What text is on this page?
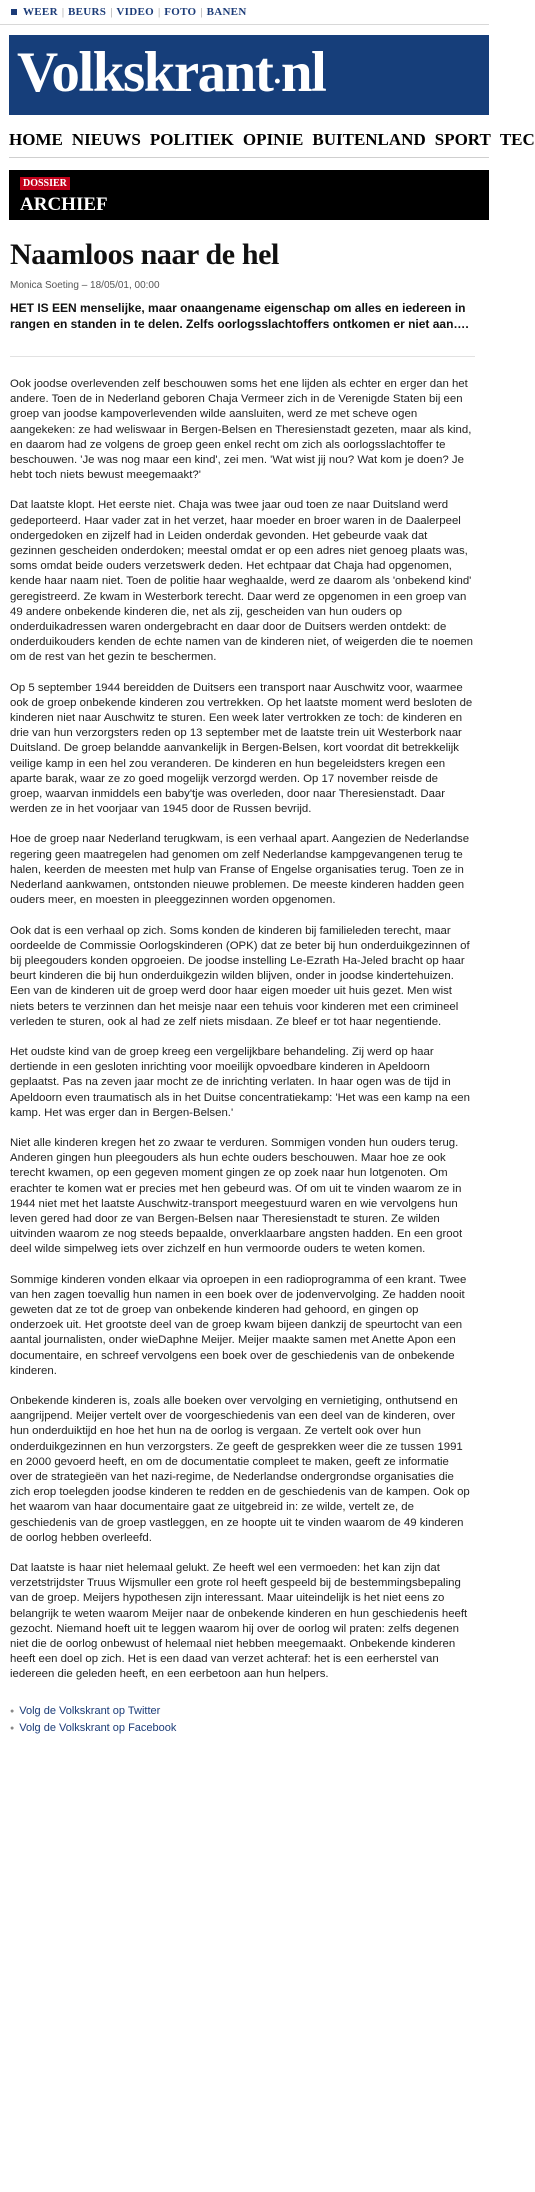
WEER | BEURS | VIDEO | FOTO | BANEN
Volkskrant·nl
HOME NIEUWS POLITIEK OPINIE BUITENLAND SPORT TEC
DOSSIER
ARCHIEF
Naamloos naar de hel
Monica Soeting – 18/05/01, 00:00
HET IS EEN menselijke, maar onaangename eigenschap om alles en iedereen in rangen en standen in te delen. Zelfs oorlogsslachtoffers ontkomen er niet aan….

Ook joodse overlevenden zelf beschouwen soms het ene lijden als echter en erger dan het andere. Toen de in Nederland geboren Chaja Vermeer zich in de Verenigde Staten bij een groep van joodse kampoverlevenden wilde aansluiten, werd ze met scheve ogen aangekeken: ze had weliswaar in Bergen-Belsen en Theresienstadt gezeten, maar als kind, en daarom had ze volgens de groep geen enkel recht om zich als oorlogsslachtoffer te beschouwen. 'Je was nog maar een kind', zei men. 'Wat wist jij nou? Wat kom je doen? Je hebt toch niets bewust meegemaakt?'

Dat laatste klopt. Het eerste niet. Chaja was twee jaar oud toen ze naar Duitsland werd gedeporteerd. Haar vader zat in het verzet, haar moeder en broer waren in de Daalerpeel ondergedoken en zijzelf had in Leiden onderdak gevonden. Het gebeurde vaak dat gezinnen gescheiden onderdoken; meestal omdat er op een adres niet genoeg plaats was, soms omdat beide ouders verzetswerk deden. Het echtpaar dat Chaja had opgenomen, kende haar naam niet. Toen de politie haar weghaalde, werd ze daarom als 'onbekend kind' geregistreerd. Ze kwam in Westerbork terecht. Daar werd ze opgenomen in een groep van 49 andere onbekende kinderen die, net als zij, gescheiden van hun ouders op onderduikadressen waren ondergebracht en daar door de Duitsers werden ontdekt: de onderduikouders kenden de echte namen van de kinderen niet, of weigerden die te noemen om de rest van het gezin te beschermen.

Op 5 september 1944 bereidden de Duitsers een transport naar Auschwitz voor, waarmee ook de groep onbekende kinderen zou vertrekken. Op het laatste moment werd besloten de kinderen niet naar Auschwitz te sturen. Een week later vertrokken ze toch: de kinderen en drie van hun verzorgsters reden op 13 september met de laatste trein uit Westerbork naar Duitsland. De groep belandde aanvankelijk in Bergen-Belsen, kort voordat dit betrekkelijk veilige kamp in een hel zou veranderen. De kinderen en hun begeleidsters kregen een aparte barak, waar ze zo goed mogelijk verzorgd werden. Op 17 november reisde de groep, waarvan inmiddels een baby'tje was overleden, door naar Theresienstadt. Daar werden ze in het voorjaar van 1945 door de Russen bevrijd.

Hoe de groep naar Nederland terugkwam, is een verhaal apart. Aangezien de Nederlandse regering geen maatregelen had genomen om zelf Nederlandse kampgevangenen terug te halen, keerden de meesten met hulp van Franse of Engelse organisaties terug. Toen ze in Nederland aankwamen, ontstonden nieuwe problemen. De meeste kinderen hadden geen ouders meer, en moesten in pleeggezinnen worden opgenomen.

Ook dat is een verhaal op zich. Soms konden de kinderen bij familieleden terecht, maar oordeelde de Commissie Oorlogskinderen (OPK) dat ze beter bij hun onderduikgezinnen of bij pleegouders konden opgroeien. De joodse instelling Le-Ezrath Ha-Jeled bracht op haar beurt kinderen die bij hun onderduikgezin wilden blijven, onder in joodse kindertehuizen. Een van de kinderen uit de groep werd door haar eigen moeder uit huis gezet. Men wist niets beters te verzinnen dan het meisje naar een tehuis voor kinderen met een crimineel verleden te sturen, ook al had ze zelf niets misdaan. Ze bleef er tot haar negentiende.

Het oudste kind van de groep kreeg een vergelijkbare behandeling. Zij werd op haar dertiende in een gesloten inrichting voor moeilijk opvoedbare kinderen in Apeldoorn geplaatst. Pas na zeven jaar mocht ze de inrichting verlaten. In haar ogen was de tijd in Apeldoorn even traumatisch als in het Duitse concentratiekamp: 'Het was een kamp na een kamp. Het was erger dan in Bergen-Belsen.'

Niet alle kinderen kregen het zo zwaar te verduren. Sommigen vonden hun ouders terug. Anderen gingen hun pleegouders als hun echte ouders beschouwen. Maar hoe ze ook terecht kwamen, op een gegeven moment gingen ze op zoek naar hun lotgenoten. Om erachter te komen wat er precies met hen gebeurd was. Of om uit te vinden waarom ze in 1944 niet met het laatste Auschwitz-transport meegestuurd waren en wie vervolgens hun leven gered had door ze van Bergen-Belsen naar Theresienstadt te sturen. Ze wilden uitvinden waarom ze nog steeds bepaalde, onverklaarbare angsten hadden. En een groot deel wilde simpelweg iets over zichzelf en hun vermoorde ouders te weten komen.

Sommige kinderen vonden elkaar via oproepen in een radioprogramma of een krant. Twee van hen zagen toevallig hun namen in een boek over de jodenvervolging. Ze hadden nooit geweten dat ze tot de groep van onbekende kinderen had gehoord, en gingen op onderzoek uit. Het grootste deel van de groep kwam bijeen dankzij de speurtocht van een aantal journalisten, onder wieDaphne Meijer. Meijer maakte samen met Anette Apon een documentaire, en schreef vervolgens een boek over de geschiedenis van de onbekende kinderen.

Onbekende kinderen is, zoals alle boeken over vervolging en vernietiging, onthutsend en aangrijpend. Meijer vertelt over de voorgeschiedenis van een deel van de kinderen, over hun onderduiktijd en hoe het hun na de oorlog is vergaan. Ze vertelt ook over hun onderduikgezinnen en hun verzorgsters. Ze geeft de gesprekken weer die ze tussen 1991 en 2000 gevoerd heeft, en om de documentatie compleet te maken, geeft ze informatie over de strategieën van het nazi-regime, de Nederlandse ondergrondse organisaties die zich erop toelegden joodse kinderen te redden en de geschiedenis van de kampen. Ook op het waarom van haar documentaire gaat ze uitgebreid in: ze wilde, vertelt ze, de geschiedenis van de groep vastleggen, en ze hoopte uit te vinden waarom de 49 kinderen de oorlog hebben overleefd.

Dat laatste is haar niet helemaal gelukt. Ze heeft wel een vermoeden: het kan zijn dat verzetstrijdster Truus Wijsmuller een grote rol heeft gespeeld bij de bestemmingsbepaling van de groep. Meijers hypothesen zijn interessant. Maar uiteindelijk is het niet eens zo belangrijk te weten waarom Meijer naar de onbekende kinderen en hun geschiedenis heeft gezocht. Niemand hoeft uit te leggen waarom hij over de oorlog wil praten: zelfs degenen niet die de oorlog onbewust of helemaal niet hebben meegemaakt. Onbekende kinderen heeft een doel op zich. Het is een daad van verzet achteraf: het is een eerherstel van iedereen die geleden heeft, en een eerbetoon aan hun helpers.

● Volg de Volkskrant op Twitter
● Volg de Volkskrant op Facebook
